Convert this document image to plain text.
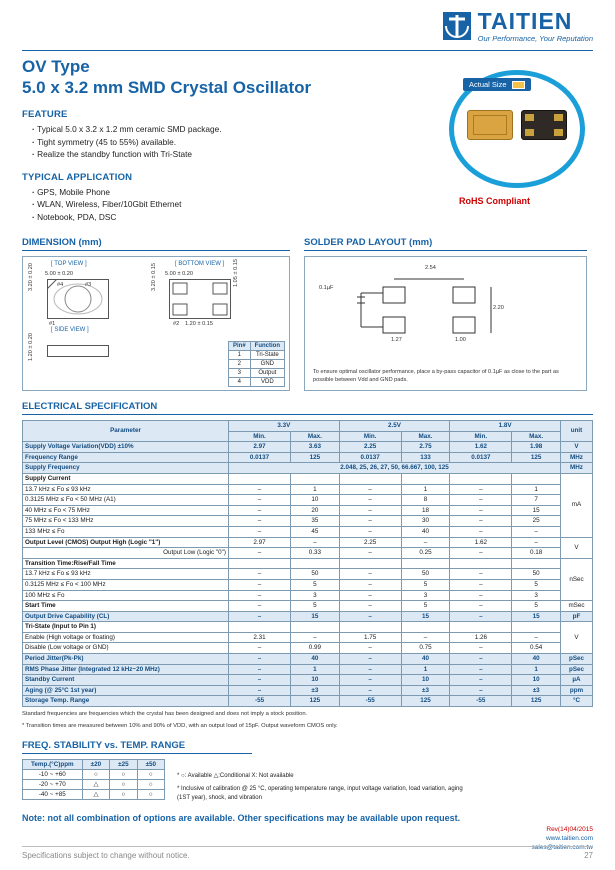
TAITIEN
Our Performance, Your Reputation
OV Type
5.0 x 3.2 mm SMD Crystal Oscillator
FEATURE
· Typical 5.0 x 3.2 x 1.2 mm ceramic SMD package.
· Tight symmetry (45 to 55%) available.
· Realize the standby function with Tri-State
TYPICAL APPLICATION
· GPS, Mobile Phone
· WLAN, Wireless, Fiber/10Gbit Ethernet
· Notebook, PDA, DSC
Actual Size
RoHS Compliant
DIMENSION (mm)	SOLDER PAD LAYOUT (mm)
[ TOP VIEW ]	[ BOTTOM VIEW ]
[ SIDE VIEW ]
5.00 ± 0.20	5.00 ± 0.20
3.20 ± 0.20
#1
#4	#3	3.20 ± 0.15	1.05 ± 0.15
#2 1.20 ± 0.15
1.20 ± 0.20	Pin#	Function
1	Tri-State
2	GND
3	Output
4	VDD
2.54
0.1µF
2.20
1.27	1.00
To ensure optimal oscillator performance, place a by-pass capacitor of 0.1µF as close to the part as possible between Vdd and GND pads.
ELECTRICAL SPECIFICATION
Parameter	3.3V		2.5V		1.8V		unit
	Min.	Max.	Min.	Max.	Min.	Max.	
Supply Voltage Variation(VDD) ±10%	2.97	3.63	2.25	2.75	1.62	1.98	V
Frequency Range	0.0137	125	0.0137	133	0.0137	125	MHz
Supply Frequency	2.048, 25, 26, 27, 50, 66.667, 100, 125						MHz
Supply Current							mA
13.7 kHz ≤ Fo ≤ 93 kHz	–	1	–	1	–	1	
0.3125 MHz ≤ Fo < 50 MHz (A1)	–	10	–	8	–	7	
40 MHz ≤ Fo < 75 MHz	–	20	–	18	–	15	
75 MHz ≤ Fo < 133 MHz	–	35	–	30	–	25	
133 MHz ≤ Fo	–	45	–	40	–	–	
Output Level (CMOS) Output High (Logic "1")	2.97	–	2.25	–	1.62	–	V
Output Low (Logic "0")	–	0.33	–	0.25	–	0.18	
Transition Time:Rise/Fall Time							nSec
13.7 kHz ≤ Fo ≤ 93 kHz	–	50	–	50	–	50	
0.3125 MHz ≤ Fo < 100 MHz	–	5	–	5	–	5	
100 MHz ≤ Fo	–	3	–	3	–	3	
Start Time	–	5	–	5	–	5	mSec
Output Drive Capability (CL)	–	15	–	15	–	15	pF
Tri-State (Input to Pin 1)							V
Enable (High voltage or floating)	2.31	–	1.75	–	1.26	–	
Disable (Low voltage or GND)	–	0.99	–	0.75	–	0.54	
Period Jitter(Pk-Pk)	–	40	–	40	–	40	pSec
RMS Phase Jitter (Integrated 12 kHz~20 MHz)	–	1	–	1	–	1	pSec
Standby Current	–	10	–	10	–	10	µA
Aging (@ 25°C 1st year)	–	±3	–	±3	–	±3	ppm
Storage Temp. Range	-55	125	-55	125	-55	125	°C
Standard frequencies are frequencies which the crystal has been designed and does not imply a stock position.
* Transition times are measured between 10% and 90% of VDD, with an output load of 15pF. Output waveform CMOS only.
FREQ. STABILITY vs. TEMP. RANGE
ppm
Temp.(°C)	±20	±25	±50
-10 ~ +60	○	○	○
-20 ~ +70	△	○	○
-40 ~ +85	△	○	○
* ○: Available △:Conditional X: Not available
* Inclusive of calibration @ 25 °C, operating temperature range, input voltage variation, load variation, aging (1ST year), shock, and vibration
Note: not all combination of options are available. Other specifications may be available upon request.
Rev(14)04/2015
www.taitien.com
sales@taitien.com.tw
Specifications subject to change without notice.	27
